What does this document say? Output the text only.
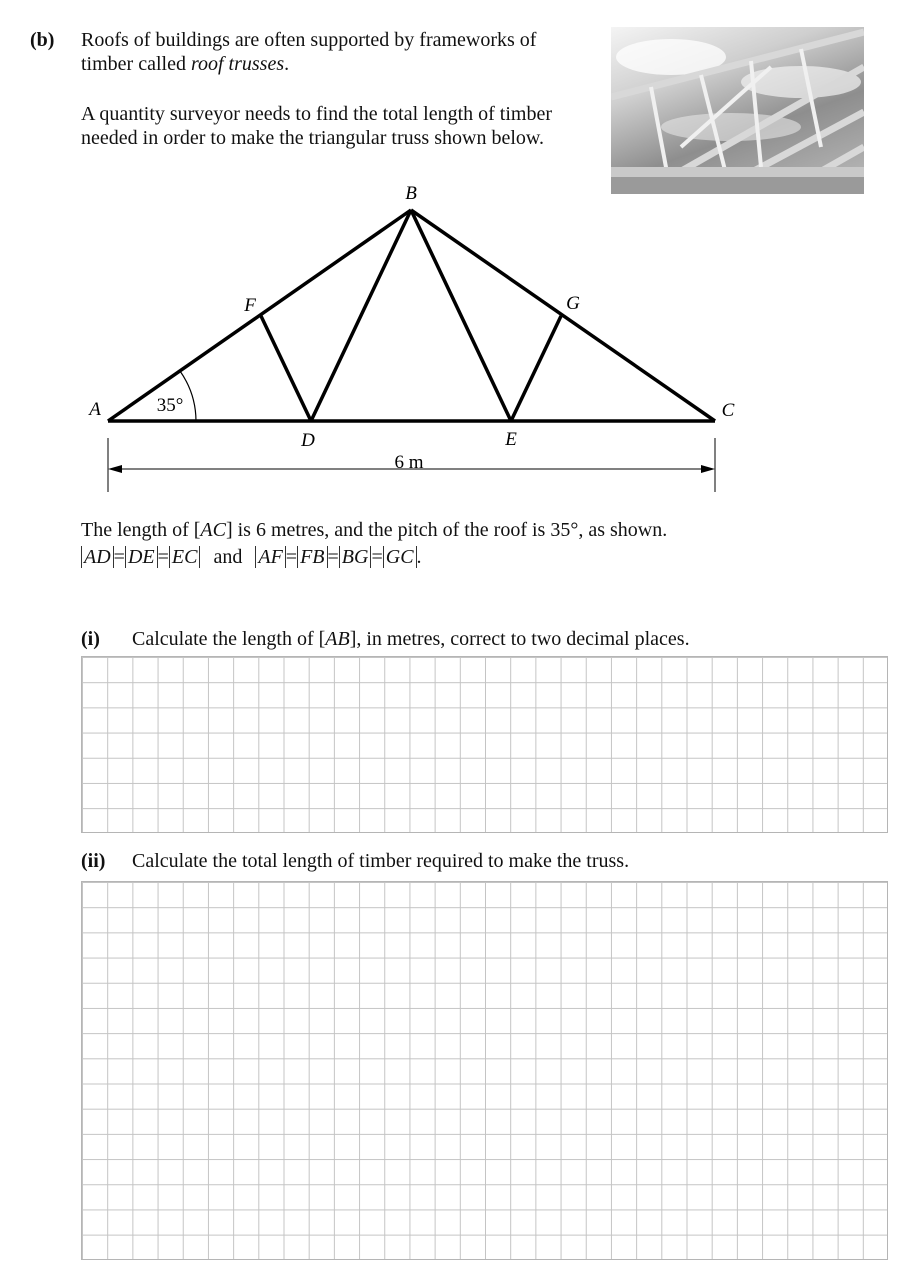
(b) Roofs of buildings are often supported by frameworks of
timber called roof trusses.
A quantity surveyor needs to find the total length of timber
needed in order to make the triangular truss shown below.
A
B
C
D	E
F	G
35°
6 m
The length of [AC] is 6 metres, and the pitch of the roof is 35°, as shown.
AD = DE = EC and AF = FB = BG = GC .
(i) Calculate the length of [AB], in metres, correct to two decimal places.
(ii) Calculate the total length of timber required to make the truss.
